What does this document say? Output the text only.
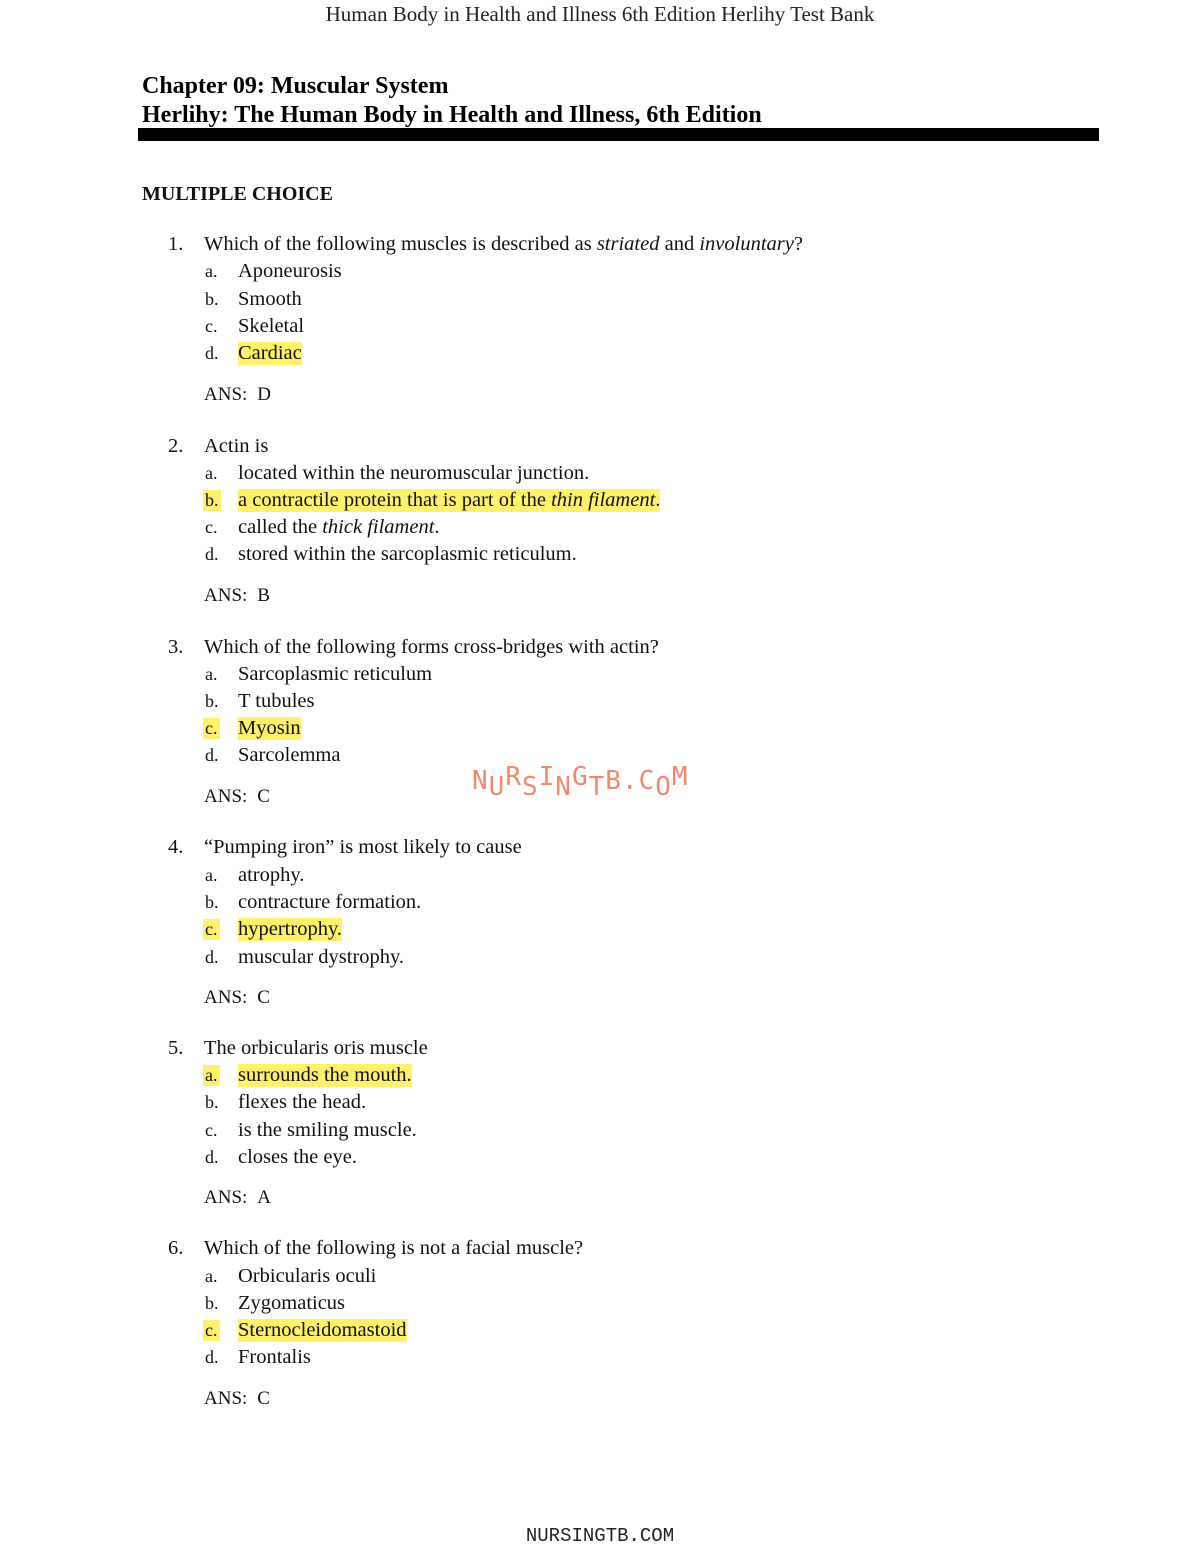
Human Body in Health and Illness 6th Edition Herlihy Test Bank
Chapter 09: Muscular System
Herlihy: The Human Body in Health and Illness, 6th Edition
MULTIPLE CHOICE
1.	Which of the following muscles is described as striated and involuntary?
a. Aponeurosis
b. Smooth
c. Skeletal
d. Cardiac
ANS: D
2.	Actin is
a. located within the neuromuscular junction.
b. a contractile protein that is part of the thin filament.
c. called the thick filament.
d. stored within the sarcoplasmic reticulum.
ANS: B
3.	Which of the following forms cross-bridges with actin?
a. Sarcoplasmic reticulum
b. T tubules
c. Myosin
d. Sarcolemma
ANS: C
4.	“Pumping iron” is most likely to cause
a. atrophy.
b. contracture formation.
c. hypertrophy.
d. muscular dystrophy.
ANS: C
5.	The orbicularis oris muscle
a. surrounds the mouth.
b. flexes the head.
c. is the smiling muscle.
d. closes the eye.
ANS: A
6.	Which of the following is not a facial muscle?
a. Orbicularis oculi
b. Zygomaticus
c. Sternocleidomastoid
d. Frontalis
ANS: C
NURSINGTB.COM
NURSINGTB.COM
